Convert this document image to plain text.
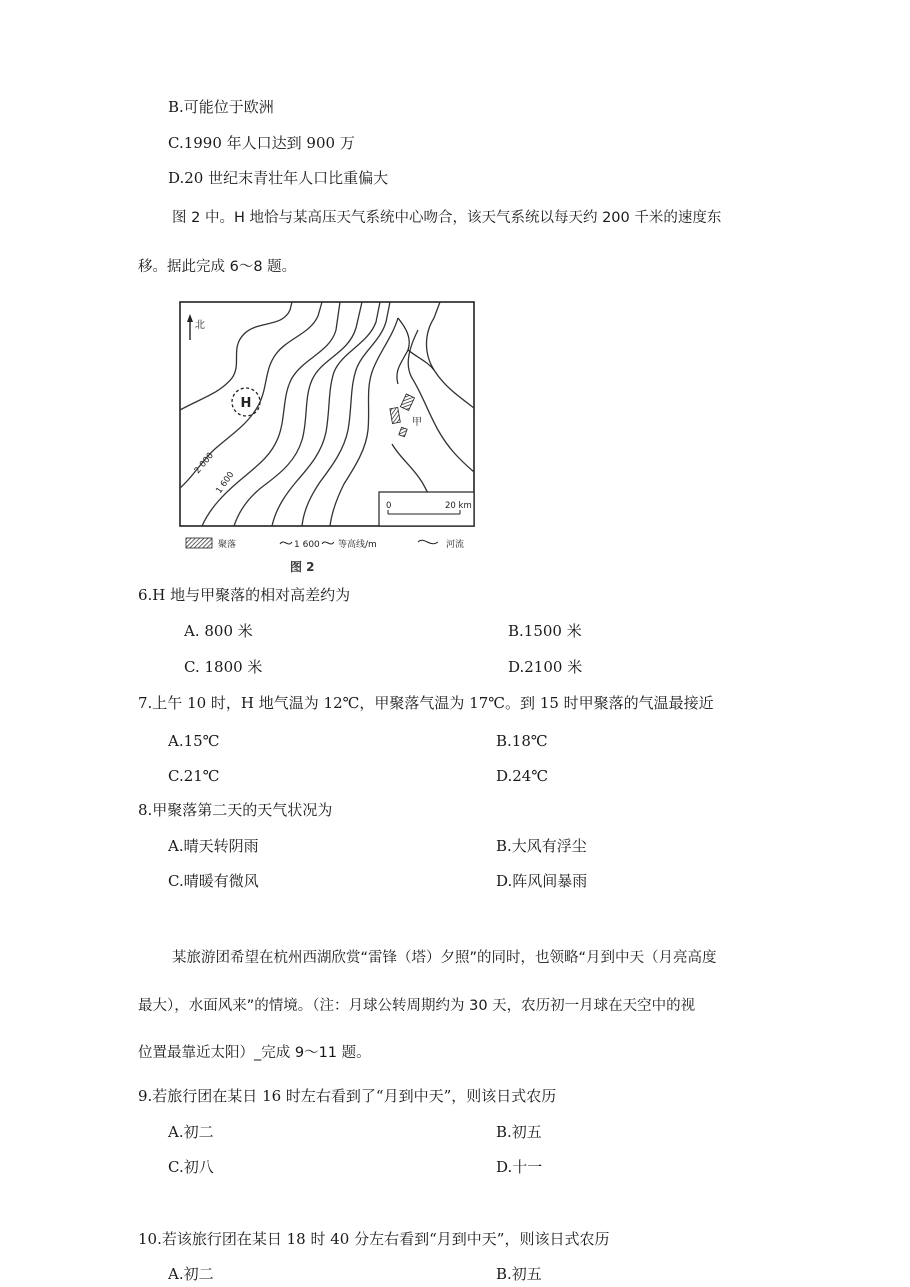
B.可能位于欧洲
C.1990 年人口达到 900 万
D.20 世纪末青壮年人口比重偏大
图 2 中。H 地恰与某高压天气系统中心吻合，该天气系统以每天约 200 千米的速度东
移。据此完成 6～8 题。
H
北
甲
2 000
1 600
0	20 km
聚落	1 600 等高线/m	河流
图 2
6.H 地与甲聚落的相对高差约为
A. 800 米	B.1500 米
C. 1800 米	D.2100 米
7.上午 10 时，H 地气温为 12℃，甲聚落气温为 17℃。到 15 时甲聚落的气温最接近
A.15℃	B.18℃
C.21℃	D.24℃
8.甲聚落第二天的天气状况为
A.晴天转阴雨	B.大风有浮尘
C.晴暖有微风	D.阵风间暴雨
某旅游团希望在杭州西湖欣赏“雷锋（塔）夕照”的同时，也领略“月到中天（月亮高度
最大），水面风来”的情境。（注：月球公转周期约为 30 天，农历初一月球在天空中的视
位置最靠近太阳）_完成 9～11 题。
9.若旅行团在某日 16 时左右看到了“月到中天”，则该日式农历
A.初二	B.初五
C.初八	D.十一
10.若该旅行团在某日 18 时 40 分左右看到“月到中天”，则该日式农历
A.初二	B.初五
